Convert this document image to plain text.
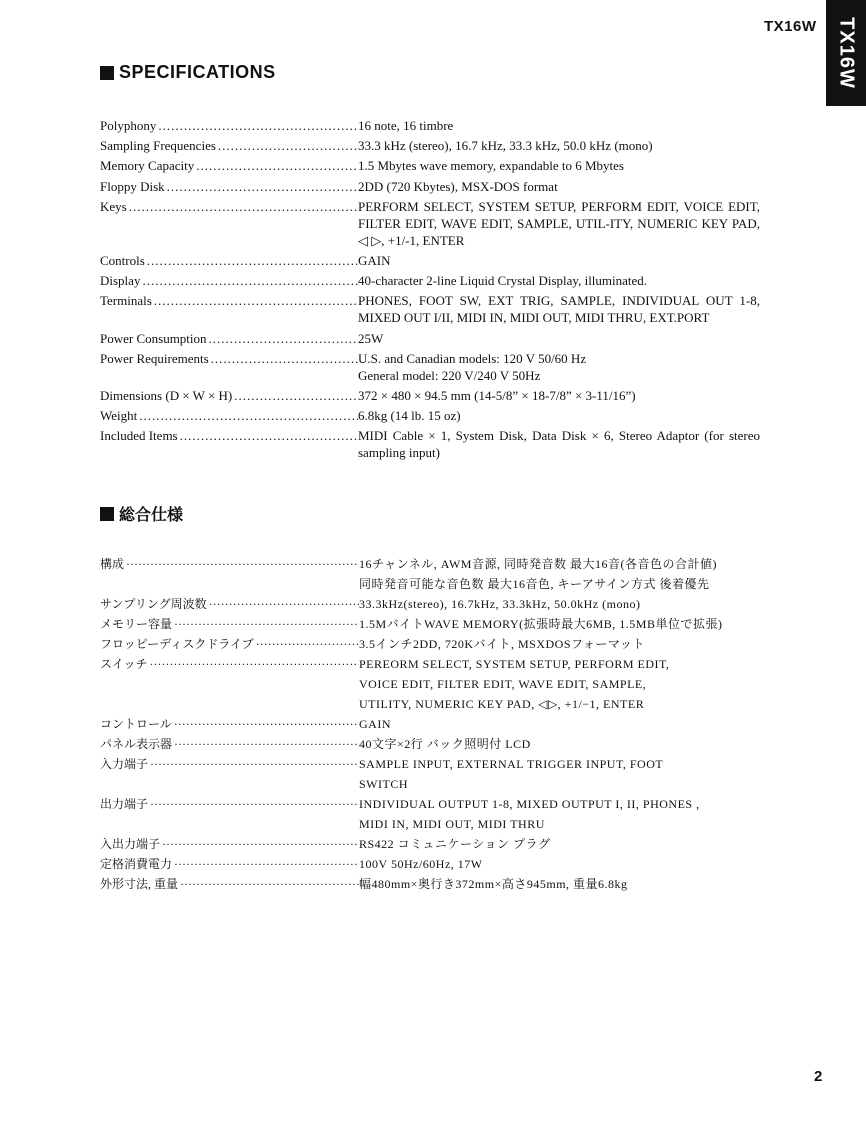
TX16W TX16W
SPECIFICATIONS
Polyphony .....	16 note, 16 timbre
Sampling Frequencies .....	33.3 kHz (stereo), 16.7 kHz, 33.3 kHz, 50.0 kHz (mono)
Memory Capacity .....	1.5 Mbytes wave memory, expandable to 6 Mbytes
Floppy Disk .....	2DD (720 Kbytes), MSX-DOS format
Keys .....	PERFORM SELECT, SYSTEM SETUP, PERFORM EDIT, VOICE EDIT, FILTER EDIT, WAVE EDIT, SAMPLE, UTIL-ITY, NUMERIC KEY PAD, ◁ ▷, +1/-1, ENTER
Controls .....	GAIN
Display .....	40-character 2-line Liquid Crystal Display, illuminated.
Terminals .....	PHONES, FOOT SW, EXT TRIG, SAMPLE, INDIVIDUAL OUT 1-8, MIXED OUT I/II, MIDI IN, MIDI OUT, MIDI THRU, EXT.PORT
Power Consumption .....	25W
Power Requirements .....	U.S. and Canadian models: 120 V 50/60 Hz
General model: 220 V/240 V 50Hz
Dimensions (D × W × H) .....	372 × 480 × 94.5 mm (14-5/8” × 18-7/8” × 3-11/16”)
Weight .....	6.8kg (14 lb. 15 oz)
Included Items .....	MIDI Cable × 1, System Disk, Data Disk × 6, Stereo Adaptor (for stereo sampling input)
総合仕様
構成 ·····	16チャンネル, AWM音源, 同時発音数 最大16音(各音色の合計値)
同時発音可能な音色数 最大16音色, キーアサイン方式 後着優先
サンプリング周波数 ·····	33.3kHz(stereo), 16.7kHz, 33.3kHz, 50.0kHz (mono)
メモリー容量 ·····	1.5MバイトWAVE MEMORY(拡張時最大6MB, 1.5MB単位で拡張)
フロッピーディスクドライブ ·····	3.5インチ2DD, 720Kバイト, MSXDOSフォーマット
スイッチ ·····	PEREORM SELECT, SYSTEM SETUP, PERFORM EDIT,
VOICE EDIT, FILTER EDIT, WAVE EDIT, SAMPLE,
UTILITY, NUMERIC KEY PAD, ◁▷, +1/−1, ENTER
コントロール ·····	GAIN
パネル表示器 ·····	40文字×2行 バック照明付 LCD
入力端子 ·····	SAMPLE INPUT, EXTERNAL TRIGGER INPUT, FOOT
SWITCH
出力端子 ·····	INDIVIDUAL OUTPUT 1-8, MIXED OUTPUT I, II, PHONES ,
MIDI IN, MIDI OUT, MIDI THRU
入出力端子 ·····	RS422 コミュニケーション プラグ
定格消費電力 ·····	100V 50Hz/60Hz, 17W
外形寸法, 重量 ·····	幅480mm×奥行き372mm×高さ945mm, 重量6.8kg
2
